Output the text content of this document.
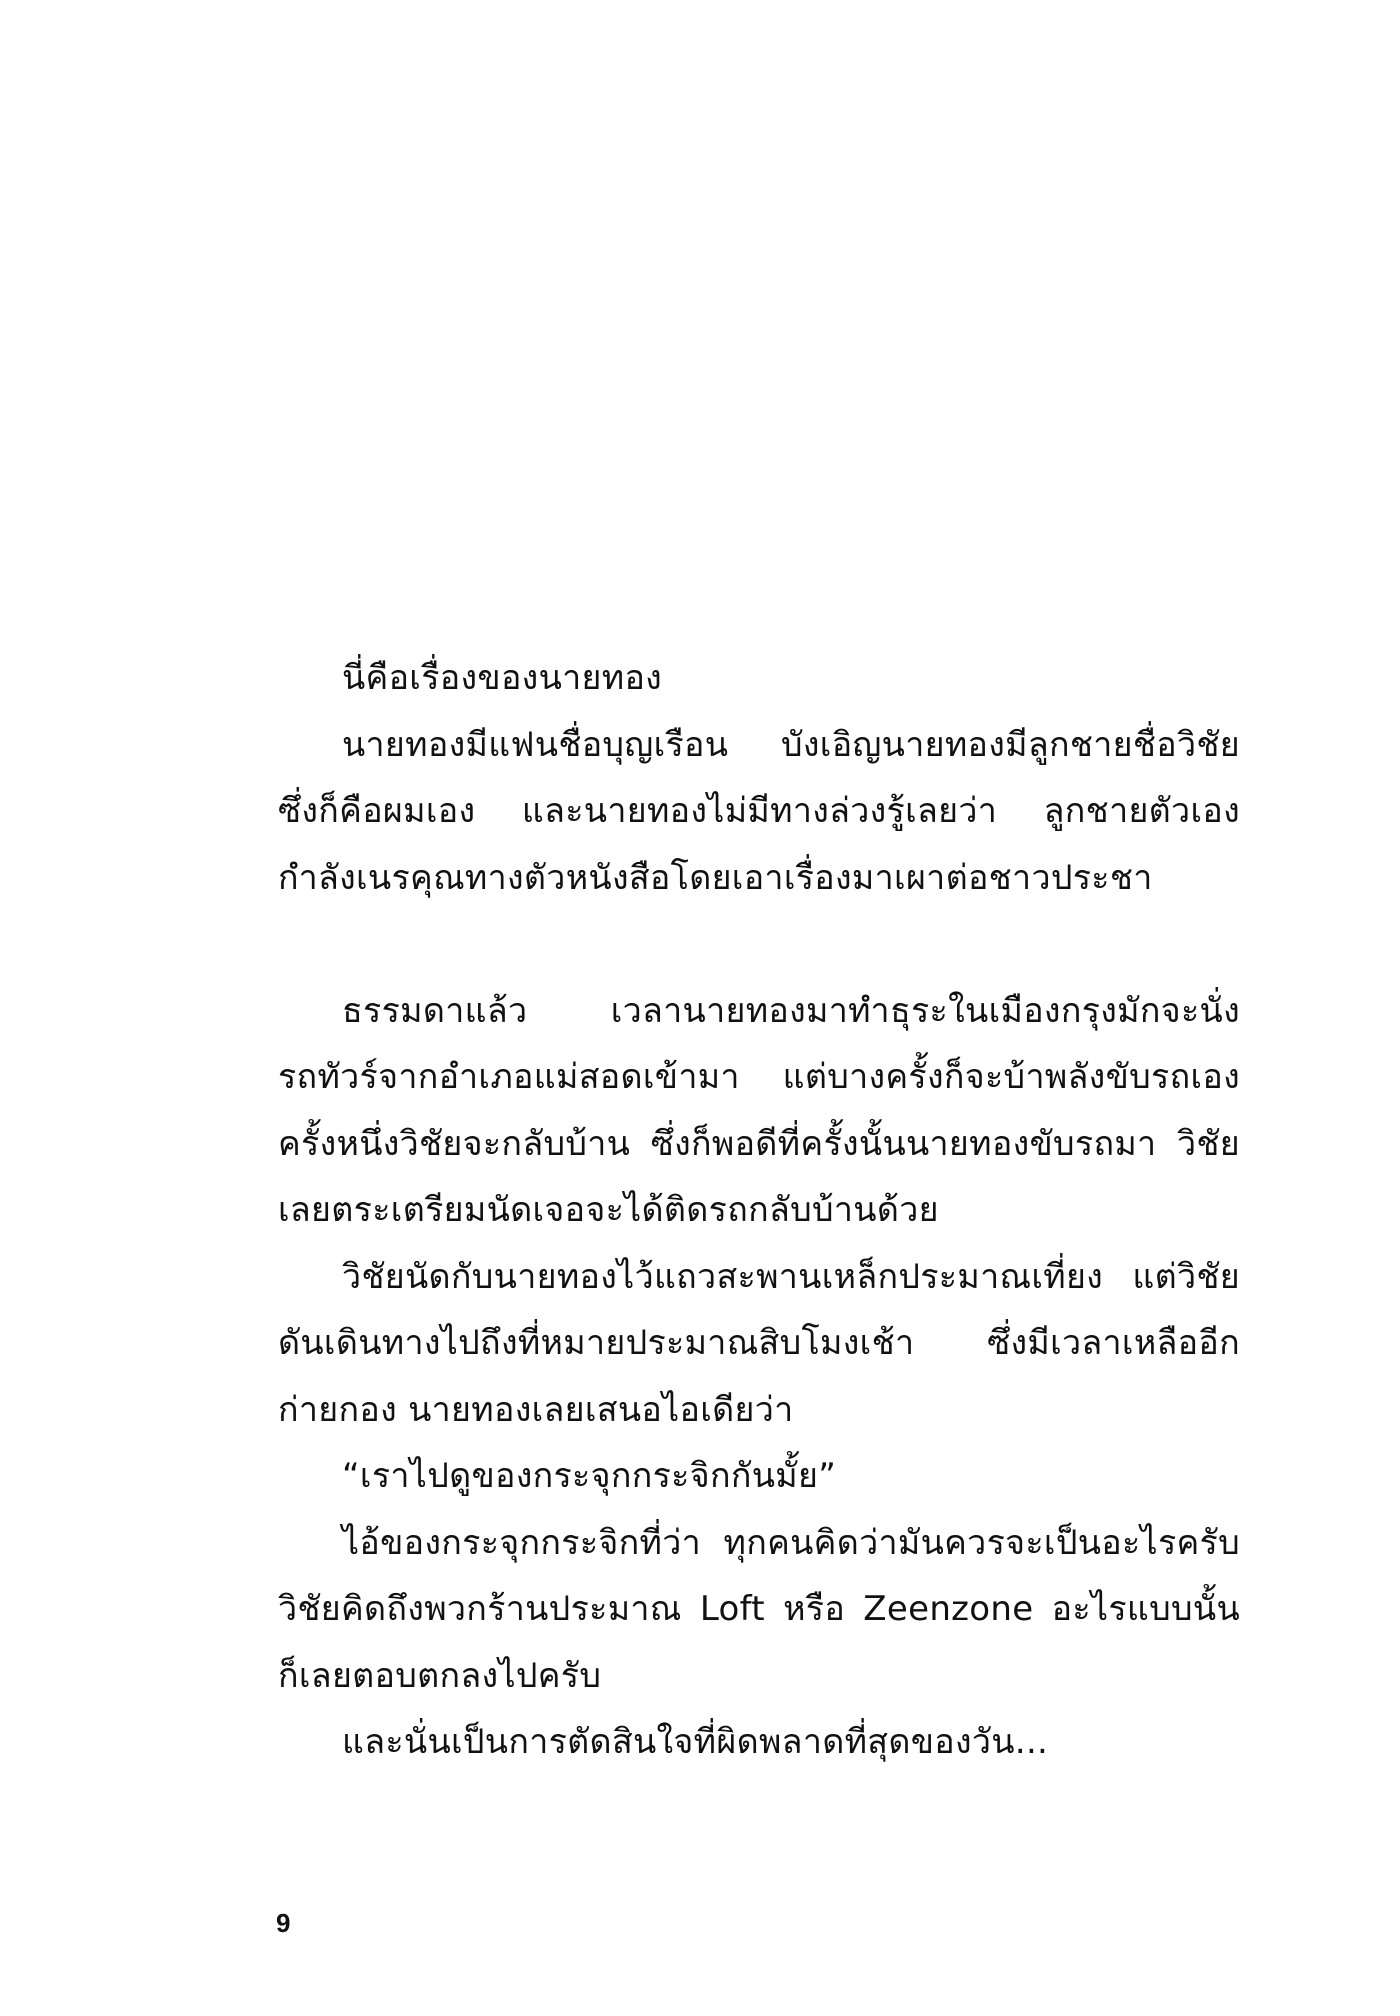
นี่คือเรื่องของนายทอง
นายทองมีแฟนชื่อบุญเรือน บังเอิญนายทองมีลูกชายชื่อวิชัย
ซึ่งก็คือผมเอง และนายทองไม่มีทางล่วงรู้เลยว่า ลูกชายตัวเอง
กำลังเนรคุณทางตัวหนังสือโดยเอาเรื่องมาเผาต่อชาวประชา
ธรรมดาแล้ว เวลานายทองมาทำธุระในเมืองกรุงมักจะนั่ง
รถทัวร์จากอำเภอแม่สอดเข้ามา แต่บางครั้งก็จะบ้าพลังขับรถเอง
ครั้งหนึ่งวิชัยจะกลับบ้าน ซึ่งก็พอดีที่ครั้งนั้นนายทองขับรถมา วิชัย
เลยตระเตรียมนัดเจอจะได้ติดรถกลับบ้านด้วย
วิชัยนัดกับนายทองไว้แถวสะพานเหล็กประมาณเที่ยง แต่วิชัย
ดันเดินทางไปถึงที่หมายประมาณสิบโมงเช้า ซึ่งมีเวลาเหลืออีก
ก่ายกอง นายทองเลยเสนอไอเดียว่า
“เราไปดูของกระจุกกระจิกกันมั้ย”
ไอ้ของกระจุกกระจิกที่ว่า ทุกคนคิดว่ามันควรจะเป็นอะไรครับ
วิชัยคิดถึงพวกร้านประมาณ Loft หรือ Zeenzone อะไรแบบนั้น
ก็เลยตอบตกลงไปครับ
และนั่นเป็นการตัดสินใจที่ผิดพลาดที่สุดของวัน...
9
